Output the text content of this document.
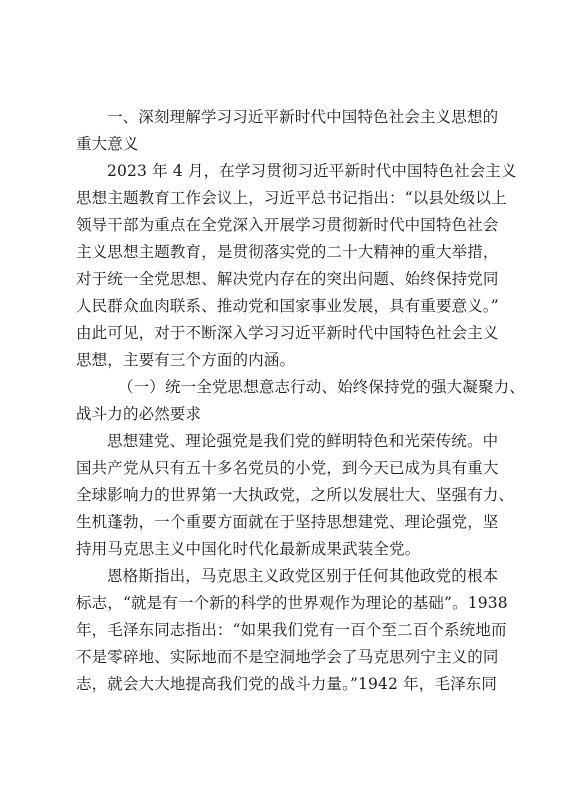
一、深刻理解学习习近平新时代中国特色社会主义思想的
重大意义
2023 年 4 月，在学习贯彻习近平新时代中国特色社会主义
思想主题教育工作会议上，习近平总书记指出：“以县处级以上
领导干部为重点在全党深入开展学习贯彻新时代中国特色社会
主义思想主题教育，是贯彻落实党的二十大精神的重大举措，
对于统一全党思想、解决党内存在的突出问题、始终保持党同
人民群众血肉联系、推动党和国家事业发展，具有重要意义。”
由此可见，对于不断深入学习习近平新时代中国特色社会主义
思想，主要有三个方面的内涵。
（一）统一全党思想意志行动、始终保持党的强大凝聚力、
战斗力的必然要求
思想建党、理论强党是我们党的鲜明特色和光荣传统。中
国共产党从只有五十多名党员的小党，到今天已成为具有重大
全球影响力的世界第一大执政党，之所以发展壮大、坚强有力、
生机蓬勃，一个重要方面就在于坚持思想建党、理论强党，坚
持用马克思主义中国化时代化最新成果武装全党。
恩格斯指出，马克思主义政党区别于任何其他政党的根本
标志，“就是有一个新的科学的世界观作为理论的基础”。1938
年，毛泽东同志指出：“如果我们党有一百个至二百个系统地而
不是零碎地、实际地而不是空洞地学会了马克思列宁主义的同
志，就会大大地提高我们党的战斗力量。”1942 年，毛泽东同
